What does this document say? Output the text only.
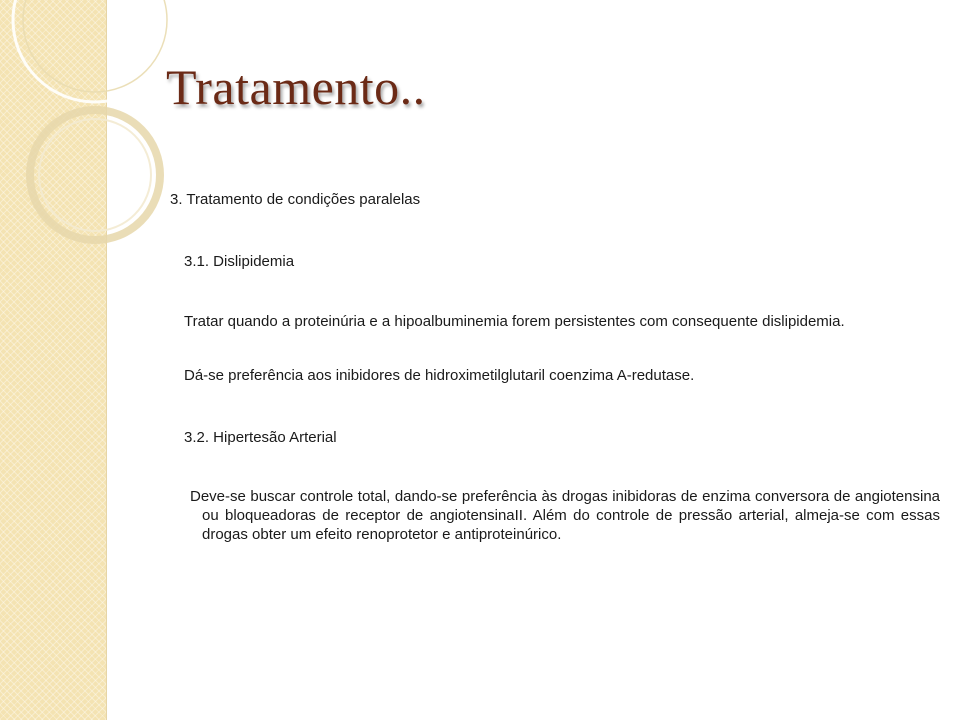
Tratamento..

3. Tratamento de condições paralelas

3.1. Dislipidemia

Tratar quando a proteinúria e a hipoalbuminemia forem persistentes com consequente dislipidemia.

Dá-se preferência aos inibidores de hidroximetilglutaril coenzima A-redutase.

3.2. Hipertesão Arterial

Deve-se buscar controle total, dando-se preferência às drogas inibidoras de enzima conversora de angiotensina ou bloqueadoras de receptor de angiotensinaII. Além do controle de pressão arterial, almeja-se com essas drogas obter um efeito renoprotetor e antiproteinúrico.
